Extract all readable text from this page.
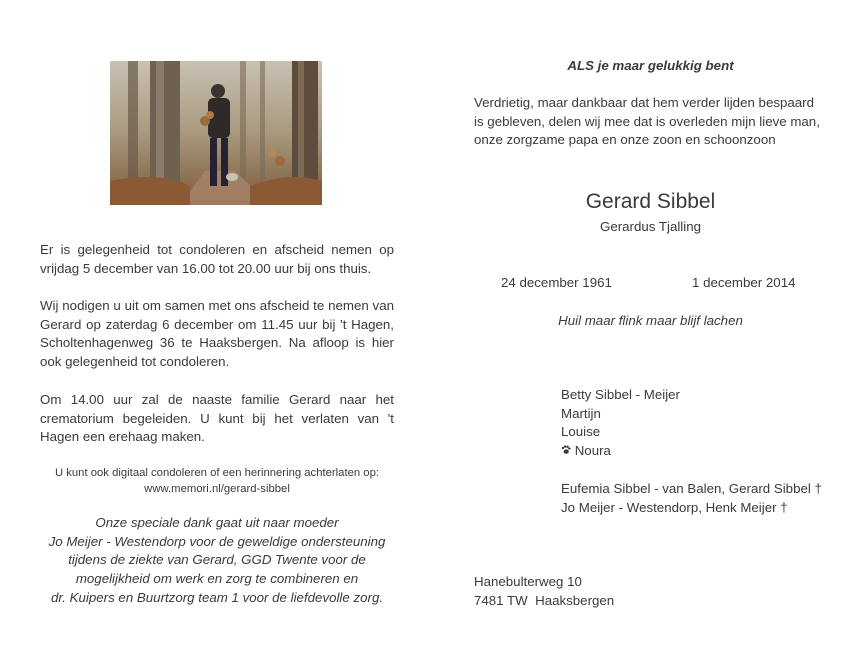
Er is gelegenheid tot condoleren en afscheid nemen op vrijdag 5 december van 16.00 tot 20.00 uur bij ons thuis.
Wij nodigen u uit om samen met ons afscheid te nemen van Gerard op zaterdag 6 december om 11.45 uur bij 't Hagen, Scholtenhagenweg 36 te Haaksbergen. Na afloop is hier ook gelegenheid tot condoleren.
Om 14.00 uur zal de naaste familie Gerard naar het crematorium begeleiden. U kunt bij het verlaten van 't Hagen een erehaag maken.
U kunt ook digitaal condoleren of een herinnering achterlaten op:
www.memori.nl/gerard-sibbel
Onze speciale dank gaat uit naar moeder
Jo Meijer - Westendorp voor de geweldige ondersteuning
tijdens de ziekte van Gerard, GGD Twente voor de
mogelijkheid om werk en zorg te combineren en
dr. Kuipers en Buurtzorg team 1 voor de liefdevolle zorg.
ALS je maar gelukkig bent
Verdrietig, maar dankbaar dat hem verder lijden bespaard
is gebleven, delen wij mee dat is overleden mijn lieve man,
onze zorgzame papa en onze zoon en schoonzoon
Gerard Sibbel
Gerardus Tjalling
24 december 1961	1 december 2014
Huil maar flink maar blijf lachen
Betty Sibbel - Meijer
Martijn
Louise
Noura
Eufemia Sibbel - van Balen, Gerard Sibbel †
Jo Meijer - Westendorp, Henk Meijer †
Hanebulterweg 10
7481 TW  Haaksbergen
